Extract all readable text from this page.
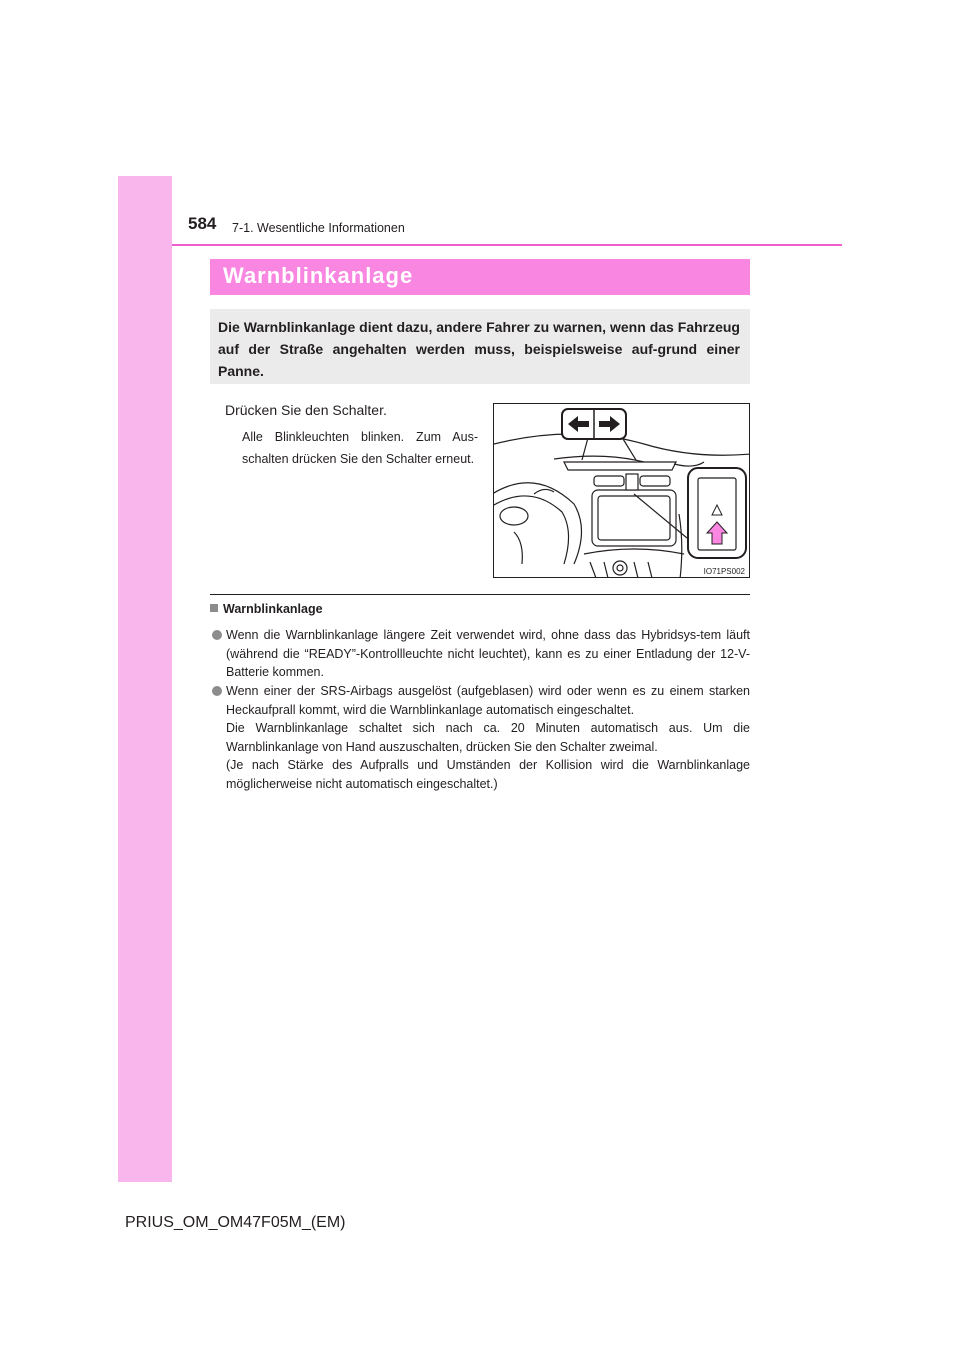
584 7-1. Wesentliche Informationen
Warnblinkanlage
Die Warnblinkanlage dient dazu, andere Fahrer zu warnen, wenn das Fahrzeug auf der Straße angehalten werden muss, beispielsweise auf-grund einer Panne.
Drücken Sie den Schalter.
Alle Blinkleuchten blinken. Zum Aus-schalten drücken Sie den Schalter erneut.
IO71PS002
Warnblinkanlage

Wenn die Warnblinkanlage längere Zeit verwendet wird, ohne dass das Hybridsys-tem läuft (während die “READY”-Kontrollleuchte nicht leuchtet), kann es zu einer Entladung der 12-V-Batterie kommen.

Wenn einer der SRS-Airbags ausgelöst (aufgeblasen) wird oder wenn es zu einem starken Heckaufprall kommt, wird die Warnblinkanlage automatisch eingeschaltet.

Die Warnblinkanlage schaltet sich nach ca. 20 Minuten automatisch aus. Um die Warnblinkanlage von Hand auszuschalten, drücken Sie den Schalter zweimal.

(Je nach Stärke des Aufpralls und Umständen der Kollision wird die Warnblinkanlage möglicherweise nicht automatisch eingeschaltet.)

PRIUS_OM_OM47F05M_(EM)
